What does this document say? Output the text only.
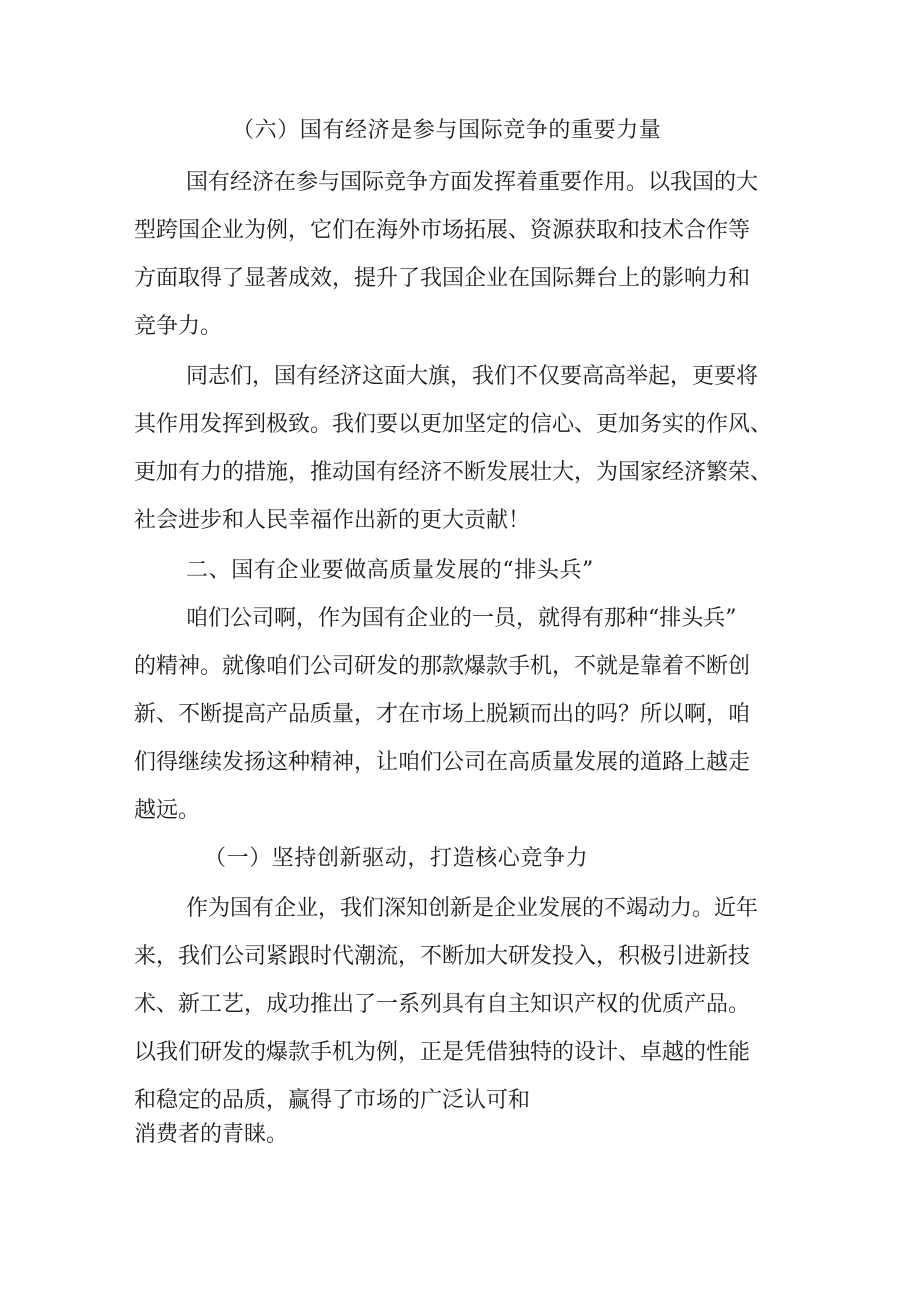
（六）国有经济是参与国际竞争的重要力量
国有经济在参与国际竞争方面发挥着重要作用。以我国的大
型跨国企业为例，它们在海外市场拓展、资源获取和技术合作等
方面取得了显著成效，提升了我国企业在国际舞台上的影响力和
竞争力。
同志们，国有经济这面大旗，我们不仅要高高举起，更要将
其作用发挥到极致。我们要以更加坚定的信心、更加务实的作风、
更加有力的措施，推动国有经济不断发展壮大，为国家经济繁荣、
社会进步和人民幸福作出新的更大贡献！
二、国有企业要做高质量发展的“排头兵”
咱们公司啊，作为国有企业的一员，就得有那种“排头兵”
的精神。就像咱们公司研发的那款爆款手机，不就是靠着不断创
新、不断提高产品质量，才在市场上脱颖而出的吗？所以啊，咱
们得继续发扬这种精神，让咱们公司在高质量发展的道路上越走
越远。
（一）坚持创新驱动，打造核心竞争力
作为国有企业，我们深知创新是企业发展的不竭动力。近年
来，我们公司紧跟时代潮流，不断加大研发投入，积极引进新技
术、新工艺，成功推出了一系列具有自主知识产权的优质产品。
以我们研发的爆款手机为例，正是凭借独特的设计、卓越的性能
和稳定的品质，赢得了市场的广泛认可和
消费者的青睐。
